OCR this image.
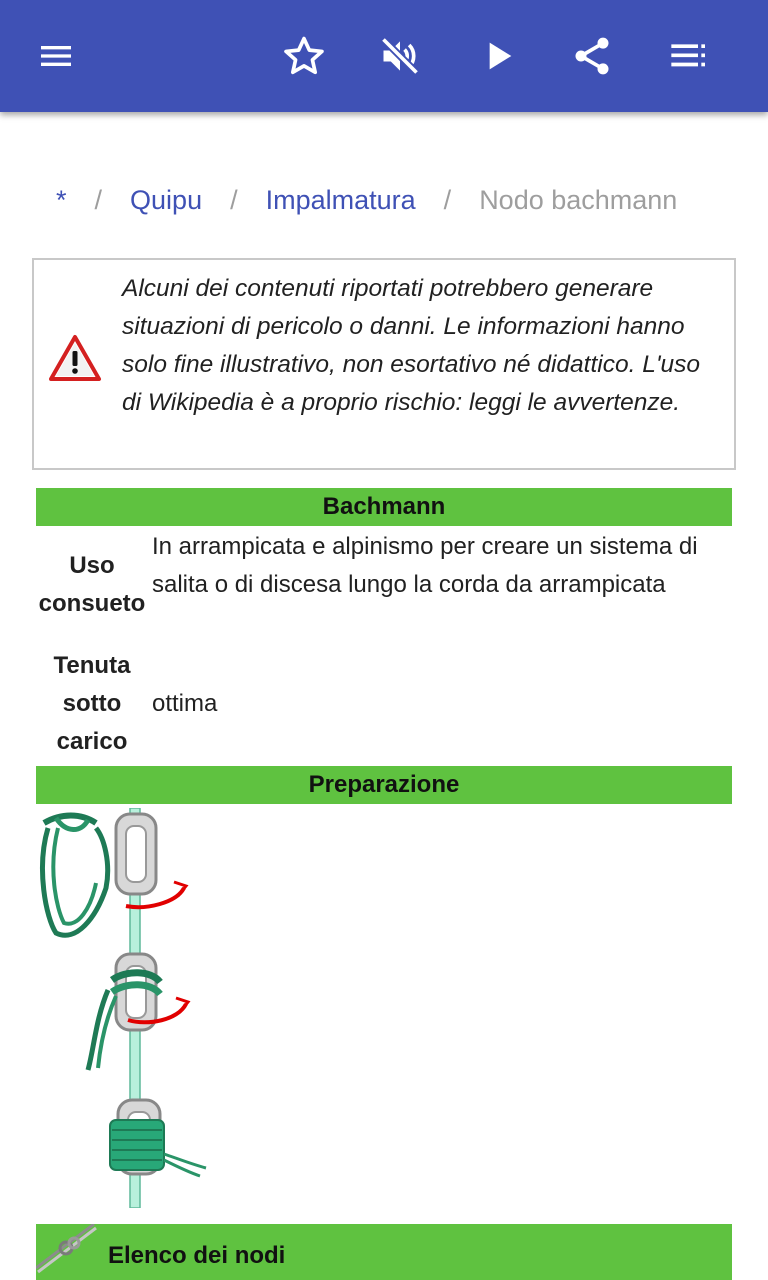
* / Quipu / Impalmatura / Nodo bachmann
Alcuni dei contenuti riportati potrebbero generare situazioni di pericolo o danni. Le informazioni hanno solo fine illustrativo, non esortativo né didattico. L'uso di Wikipedia è a proprio rischio: leggi le avvertenze.
Bachmann
Uso consueto
In arrampicata e alpinismo per creare un sistema di salita o di discesa lungo la corda da arrampicata
Tenuta sotto carico
ottima
Preparazione
Elenco dei nodi
